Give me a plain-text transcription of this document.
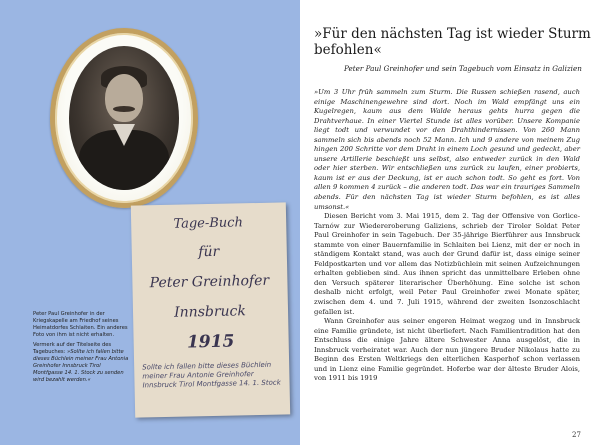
Tage-Buch
für
Peter Greinhofer
Innsbruck
1915
Sollte ich fallen bitte dieses Büchlein meiner Frau Antonie Greinhofer Innsbruck Tirol Montfgasse 14. 1. Stock

Peter Paul Greinhofer in der Kriegskapelle am Friedhof seines Heimatdorfes Schlaiten. Ein anderes Foto von ihm ist nicht erhalten.

Vermerk auf der Titelseite des Tagebuches: »Sollte ich fallen bitte dieses Büchlein meiner Frau Antonia Greinhofer Innsbruck Tirol Montfgasse 14. 1. Stock zu senden wird bezahlt werden.«

»Für den nächsten Tag ist wieder Sturm befohlen«
Peter Paul Greinhofer und sein Tagebuch vom Einsatz in Galizien

»Um 3 Uhr früh sammeln zum Sturm. Die Russen schießen rasend, auch einige Maschinengewehre sind dort. Noch im Wald empfängt uns ein Kugelregen, kaum aus dem Walde heraus gehts hurra gegen die Drahtverhaue. In einer Viertel Stunde ist alles vorüber. Unsere Kompanie liegt todt und verwundet vor den Drahthindernissen. Von 260 Mann sammeln sich bis abends noch 52 Mann. Ich und 9 andere von meinem Zug hingen 200 Schritte vor dem Draht in einem Loch gesund und gedeckt, aber unsere Artillerie beschießt uns selbst, also entweder zurück in den Wald oder hier sterben. Wir entschließen uns zurück zu laufen, einer probierts, kaum ist er aus der Deckung, ist er auch schon todt. So geht es fort. Von allen 9 kommen 4 zurück – die anderen todt. Das war ein trauriges Sammeln abends. Für den nächsten Tag ist wieder Sturm befohlen, es ist alles umsonst.«

Diesen Bericht vom 3. Mai 1915, dem 2. Tag der Offensive von Gorlice-Tarnów zur Wiedereroberung Galiziens, schrieb der Tiroler Soldat Peter Paul Greinhofer in sein Tagebuch. Der 35-jährige Bierführer aus Innsbruck stammte von einer Bauernfamilie in Schlaiten bei Lienz, mit der er noch in ständigem Kontakt stand, was auch der Grund dafür ist, dass einige seiner Feldpostkarten und vor allem das Notizbüchlein mit seinen Aufzeichnungen erhalten geblieben sind. Aus ihnen spricht das unmittelbare Erleben ohne den Versuch späterer literarischer Überhöhung. Eine solche ist schon deshalb nicht erfolgt, weil Peter Paul Greinhofer zwei Monate später, zwischen dem 4. und 7. Juli 1915, während der zweiten Isonzoschlacht gefallen ist.

Wann Greinhofer aus seiner engeren Heimat wegzog und in Innsbruck eine Familie gründete, ist nicht überliefert. Nach Familientradition hat den Entschluss die einige Jahre ältere Schwester Anna ausgelöst, die in Innsbruck verheiratet war. Auch der nun jüngere Bruder Nikolaus hatte zu Beginn des Ersten Weltkriegs den elterlichen Kasperhof schon verlassen und in Lienz eine Familie gegründet. Hoferbe war der älteste Bruder Alois, von 1911 bis 1919

27
